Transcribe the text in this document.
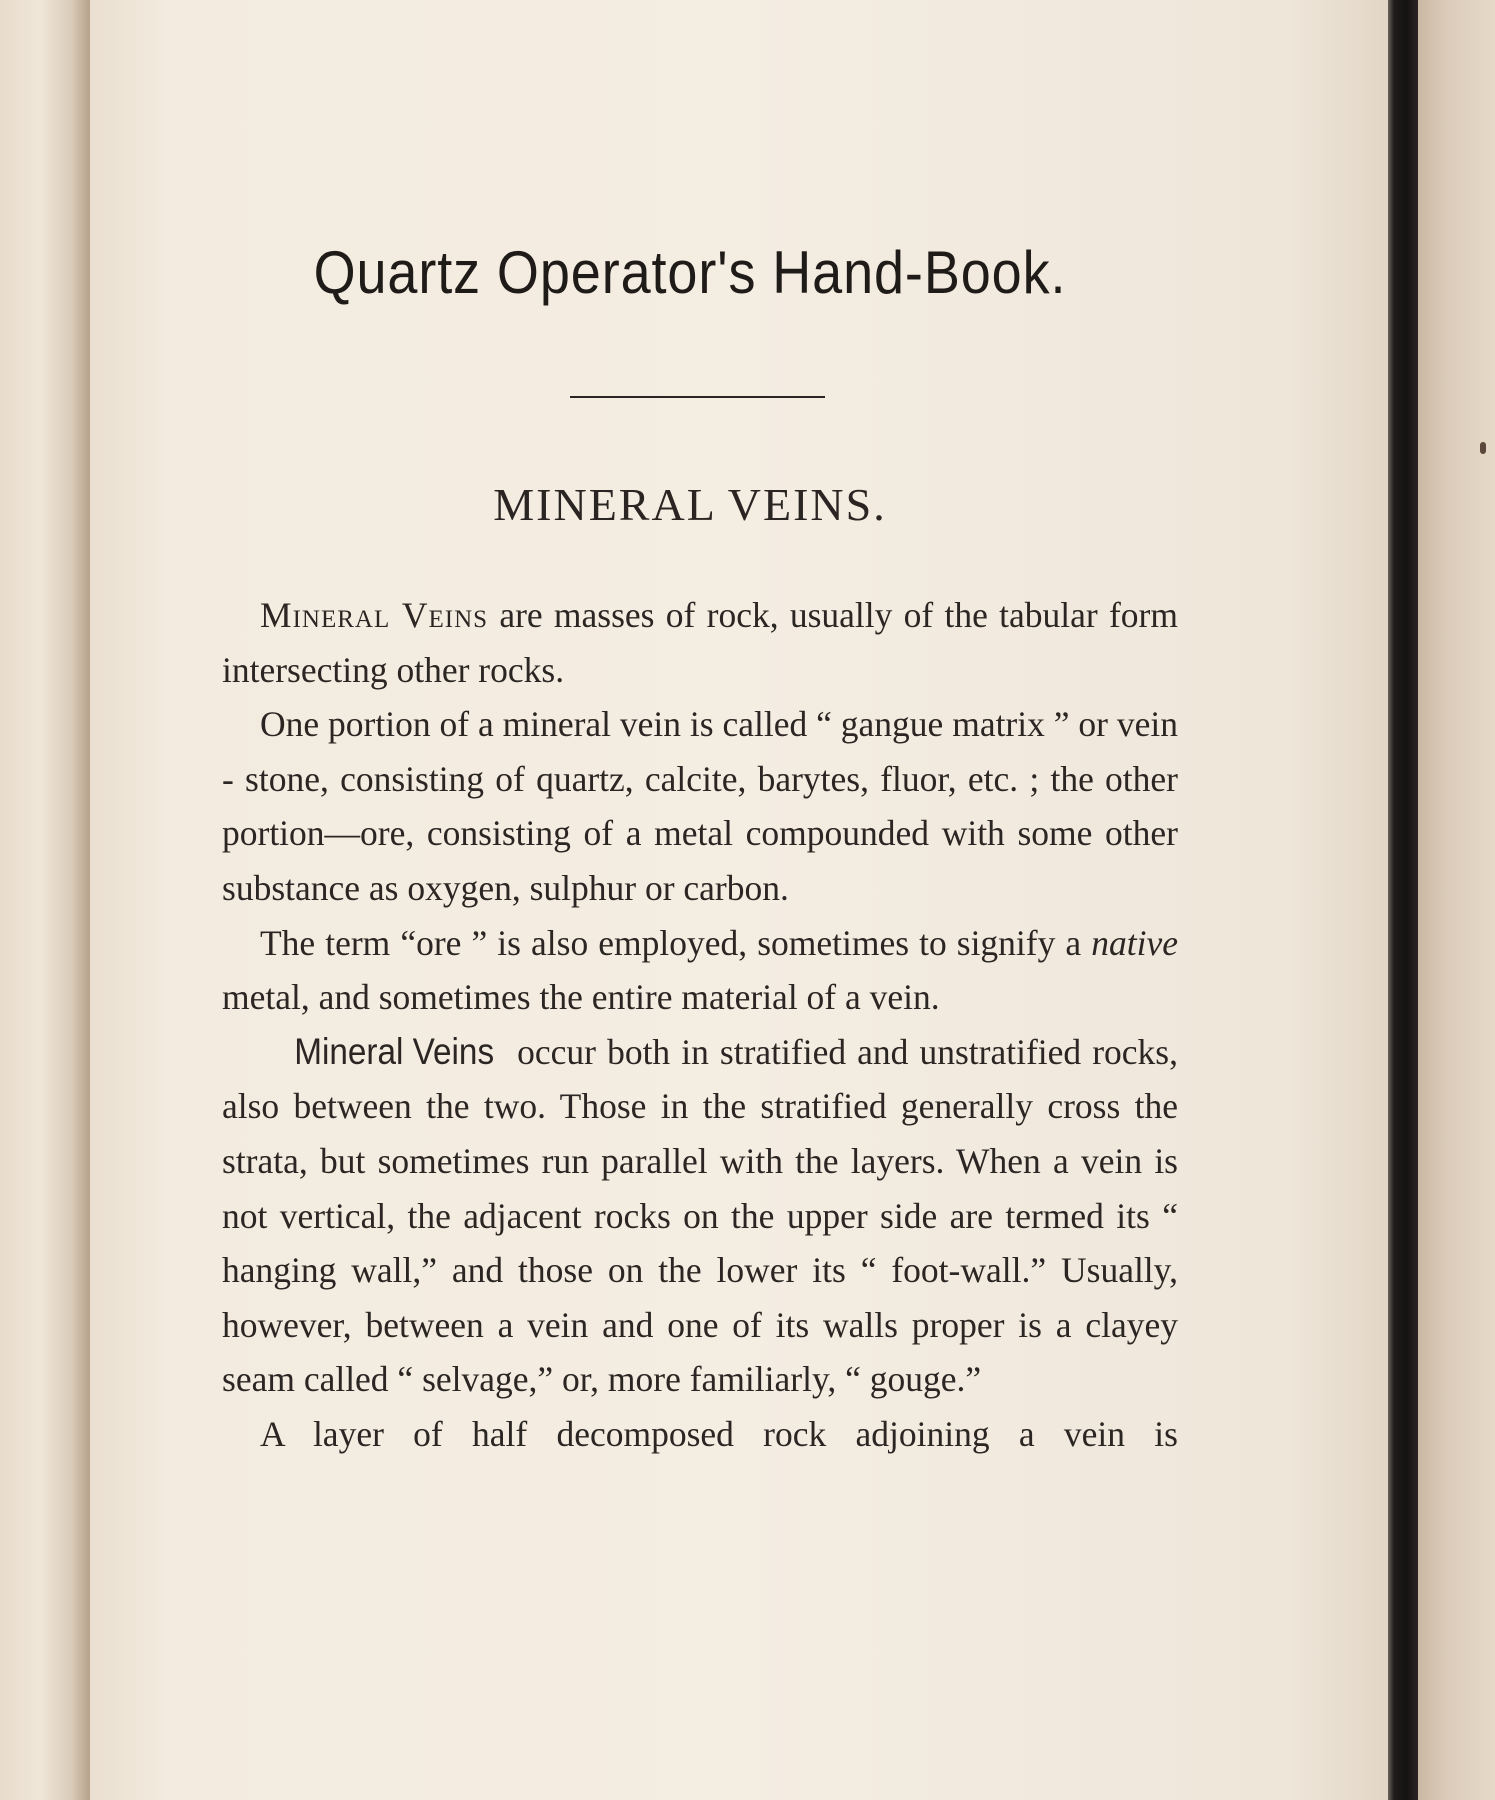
Quartz Operator's Hand-Book.
MINERAL VEINS.

Mineral Veins are masses of rock, usually of the tabular form intersecting other rocks.

One portion of a mineral vein is called “ gangue matrix ” or vein - stone, consisting of quartz, calcite, barytes, fluor, etc. ; the other portion—ore, consisting of a metal compounded with some other substance as oxygen, sulphur or carbon.

The term “ore ” is also employed, sometimes to signify a native metal, and sometimes the entire material of a vein.

Mineral Veins occur both in stratified and unstratified rocks, also between the two. Those in the stratified generally cross the strata, but sometimes run parallel with the layers. When a vein is not vertical, the adjacent rocks on the upper side are termed its “ hanging wall,” and those on the lower its “ foot-wall.” Usually, however, between a vein and one of its walls proper is a clayey seam called “ selvage,” or, more familiarly, “ gouge.”

A layer of half decomposed rock adjoining a vein is
